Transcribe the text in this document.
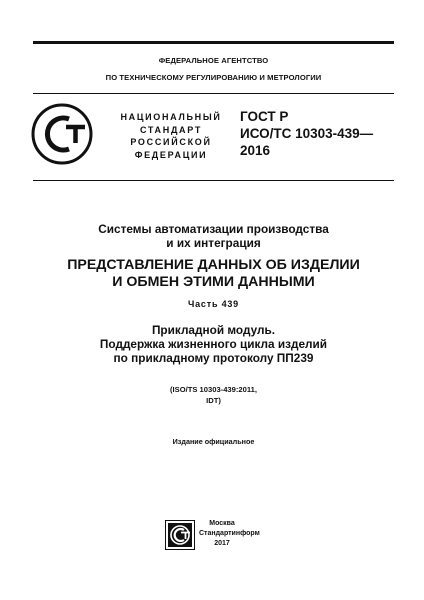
ФЕДЕРАЛЬНОЕ АГЕНТСТВО
ПО ТЕХНИЧЕСКОМУ РЕГУЛИРОВАНИЮ И МЕТРОЛОГИИ
НАЦИОНАЛЬНЫЙ
СТАНДАРТ
РОССИЙСКОЙ
ФЕДЕРАЦИИ
ГОСТ Р
ИСО/ТС 10303-439—
2016
Системы автоматизации производства
и их интеграция
ПРЕДСТАВЛЕНИЕ ДАННЫХ ОБ ИЗДЕЛИИ
И ОБМЕН ЭТИМИ ДАННЫМИ
Часть 439
Прикладной модуль.
Поддержка жизненного цикла изделий
по прикладному протоколу ПП239
(ISO/TS 10303-439:2011,
IDT)
Издание официальное
Москва
Стандартинформ
2017
